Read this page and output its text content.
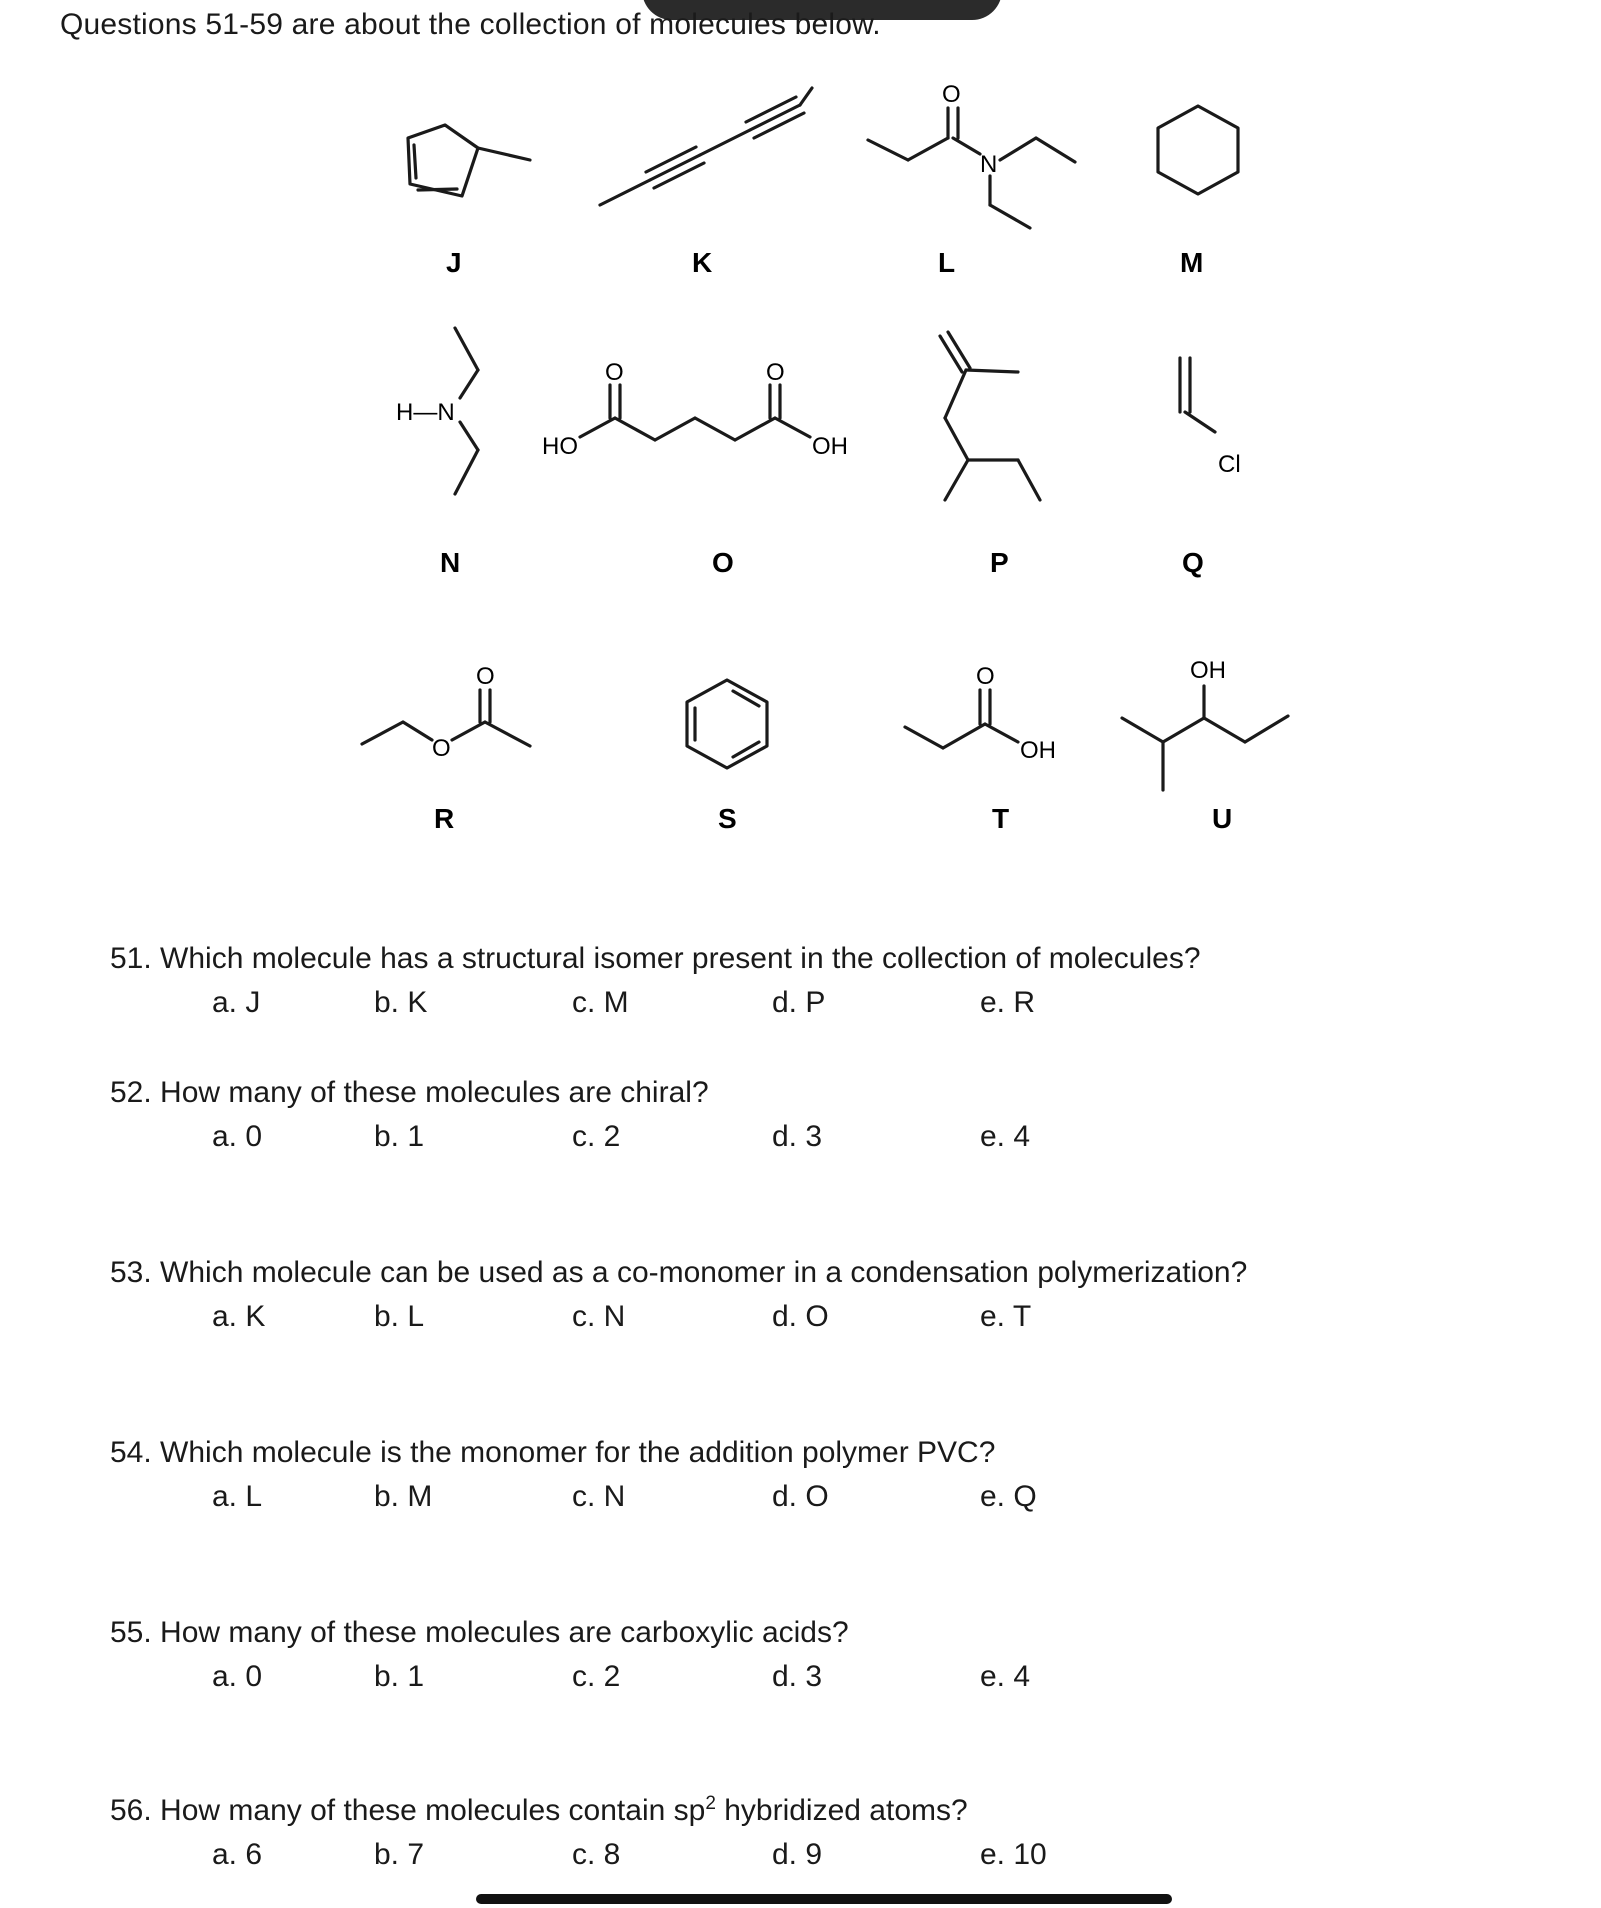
Questions 51-59 are about the collection of molecules below.
J	K
O
N
L	M
H—N
N
HO
O	O
OH
O	P
Cl
Q
O
O
R	S
O
OH
T
OH
U
51. Which molecule has a structural isomer present in the collection of molecules?
a. J	b. K	c. M	d. P	e. R
52. How many of these molecules are chiral?
a. 0	b. 1	c. 2	d. 3	e. 4
53. Which molecule can be used as a co-monomer in a condensation polymerization?
a. K	b. L	c. N	d. O	e. T
54. Which molecule is the monomer for the addition polymer PVC?
a. L	b. M	c. N	d. O	e. Q
55. How many of these molecules are carboxylic acids?
a. 0	b. 1	c. 2	d. 3	e. 4
56. How many of these molecules contain $sp^2$ hybridized atoms?
a. 6	b. 7	c. 8	d. 9	e. 10
